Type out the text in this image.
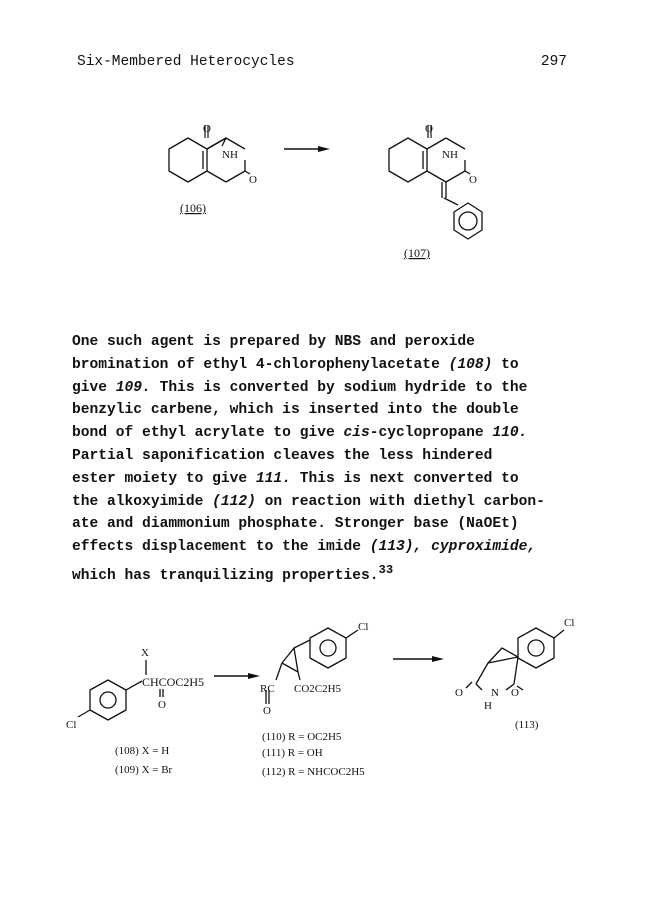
Six-Membered Heterocycles	297
O
NH
O
(106)
O
NH
O
(107)

One such agent is prepared by NBS and peroxide

bromination of ethyl 4-chlorophenylacetate (108) to

give 109. This is converted by sodium hydride to the

benzylic carbene, which is inserted into the double

bond of ethyl acrylate to give cis-cyclopropane 110.

Partial saponification cleaves the less hindered

ester moiety to give 111. This is next converted to

the alkoxyimide (112) on reaction with diethyl carbon-

ate and diammonium phosphate. Stronger base (NaOEt)

effects displacement to the imide (113), cyproximide,

which has tranquilizing properties.$^{33}$

X
CHCOC2H5
O
Cl
(108) X = H
(109) X = Br
Cl
RC
O
CO2C2H5
(110) R = OC2H5
(111) R = OH
(112) R = NHCOC2H5
Cl
O	N O
H
(113)
